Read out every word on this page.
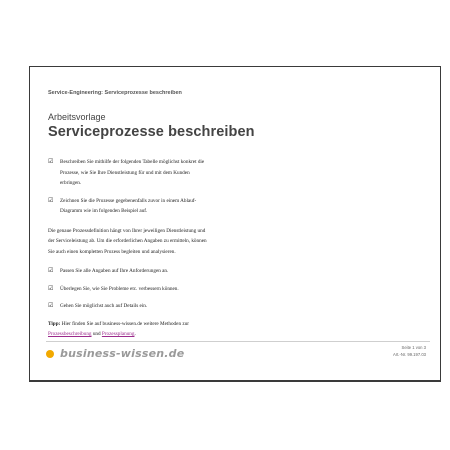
Service-Engineering: Serviceprozesse beschreiben
Arbeitsvorlage
Serviceprozesse beschreiben
☑ Beschreiben Sie mithilfe der folgenden Tabelle möglichst konkret die
Prozesse, wie Sie Ihre Dienstleistung für und mit dem Kunden
erbringen.
☑ Zeichnen Sie die Prozesse gegebenenfalls zuvor in einem Ablauf-
Diagramm wie im folgenden Beispiel auf.
Die genaue Prozessdefinition hängt von Ihrer jeweiligen Dienstleistung und
der Serviceleistung ab. Um die erforderlichen Angaben zu ermitteln, können
Sie auch einen kompletten Prozess begleiten und analysieren.
☑ Passen Sie alle Angaben auf Ihre Anforderungen an.
☑ Überlegen Sie, wie Sie Probleme etc. verbessern können.
☑ Gehen Sie möglichst auch auf Details ein.
Tipp: Hier finden Sie auf business-wissen.de weitere Methoden zur
Prozessbeschreibung und Prozessplanung.
business-wissen.de	Seite 1 von 3
Art.-Nr. 99.197.03
